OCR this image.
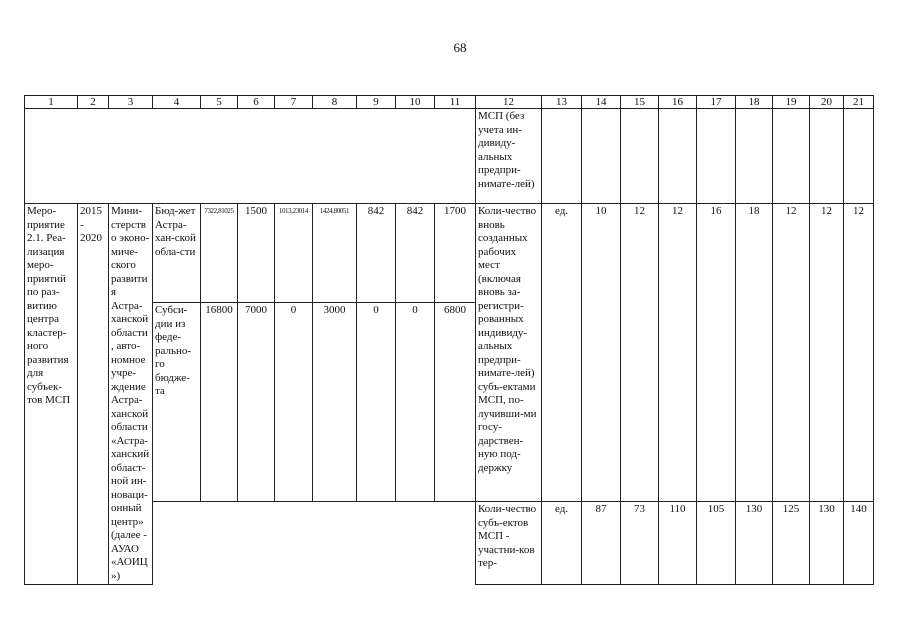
68
1	2	3	4	5	6	7	8	9	10	11	12	13	14	15	16	17	18	19	20	21
											МСП (без учета ин-дивиду-альных предпри-нимате-лей)									
Меро-приятие 2.1. Реа-лизация меро-приятий по раз-витию центра кластер-ного развития для субъек-тов МСП	2015 - 2020	Мини-стерство эконо-миче-ского развития Астра-ханской области, авто-номное учре-ждение Астра-ханской области «Астра-ханский област-ной ин-новаци-онный центр» (далее - АУАО «АОИЦ»)	Бюд-жет Астра-хан-ской обла-сти	7322,81025	1500	1013,23014	1424,80051	842	842	1700	Коли-чество вновь созданных рабочих мест (включая вновь за-регистри-рованных индивиду-альных предпри-нимате-лей) субъ-ектами МСП, по-лучивши-ми госу-дарствен-ную под-держку	ед.	10	12	12	16	18	12	12	12
			Субси-дии из феде-рально-го бюдже-та	16800	7000	0	3000	0	0	6800										
											Коли-чество субъ-ектов МСП - участни-ков тер-	ед.	87	73	110	105	130	125	130	140
